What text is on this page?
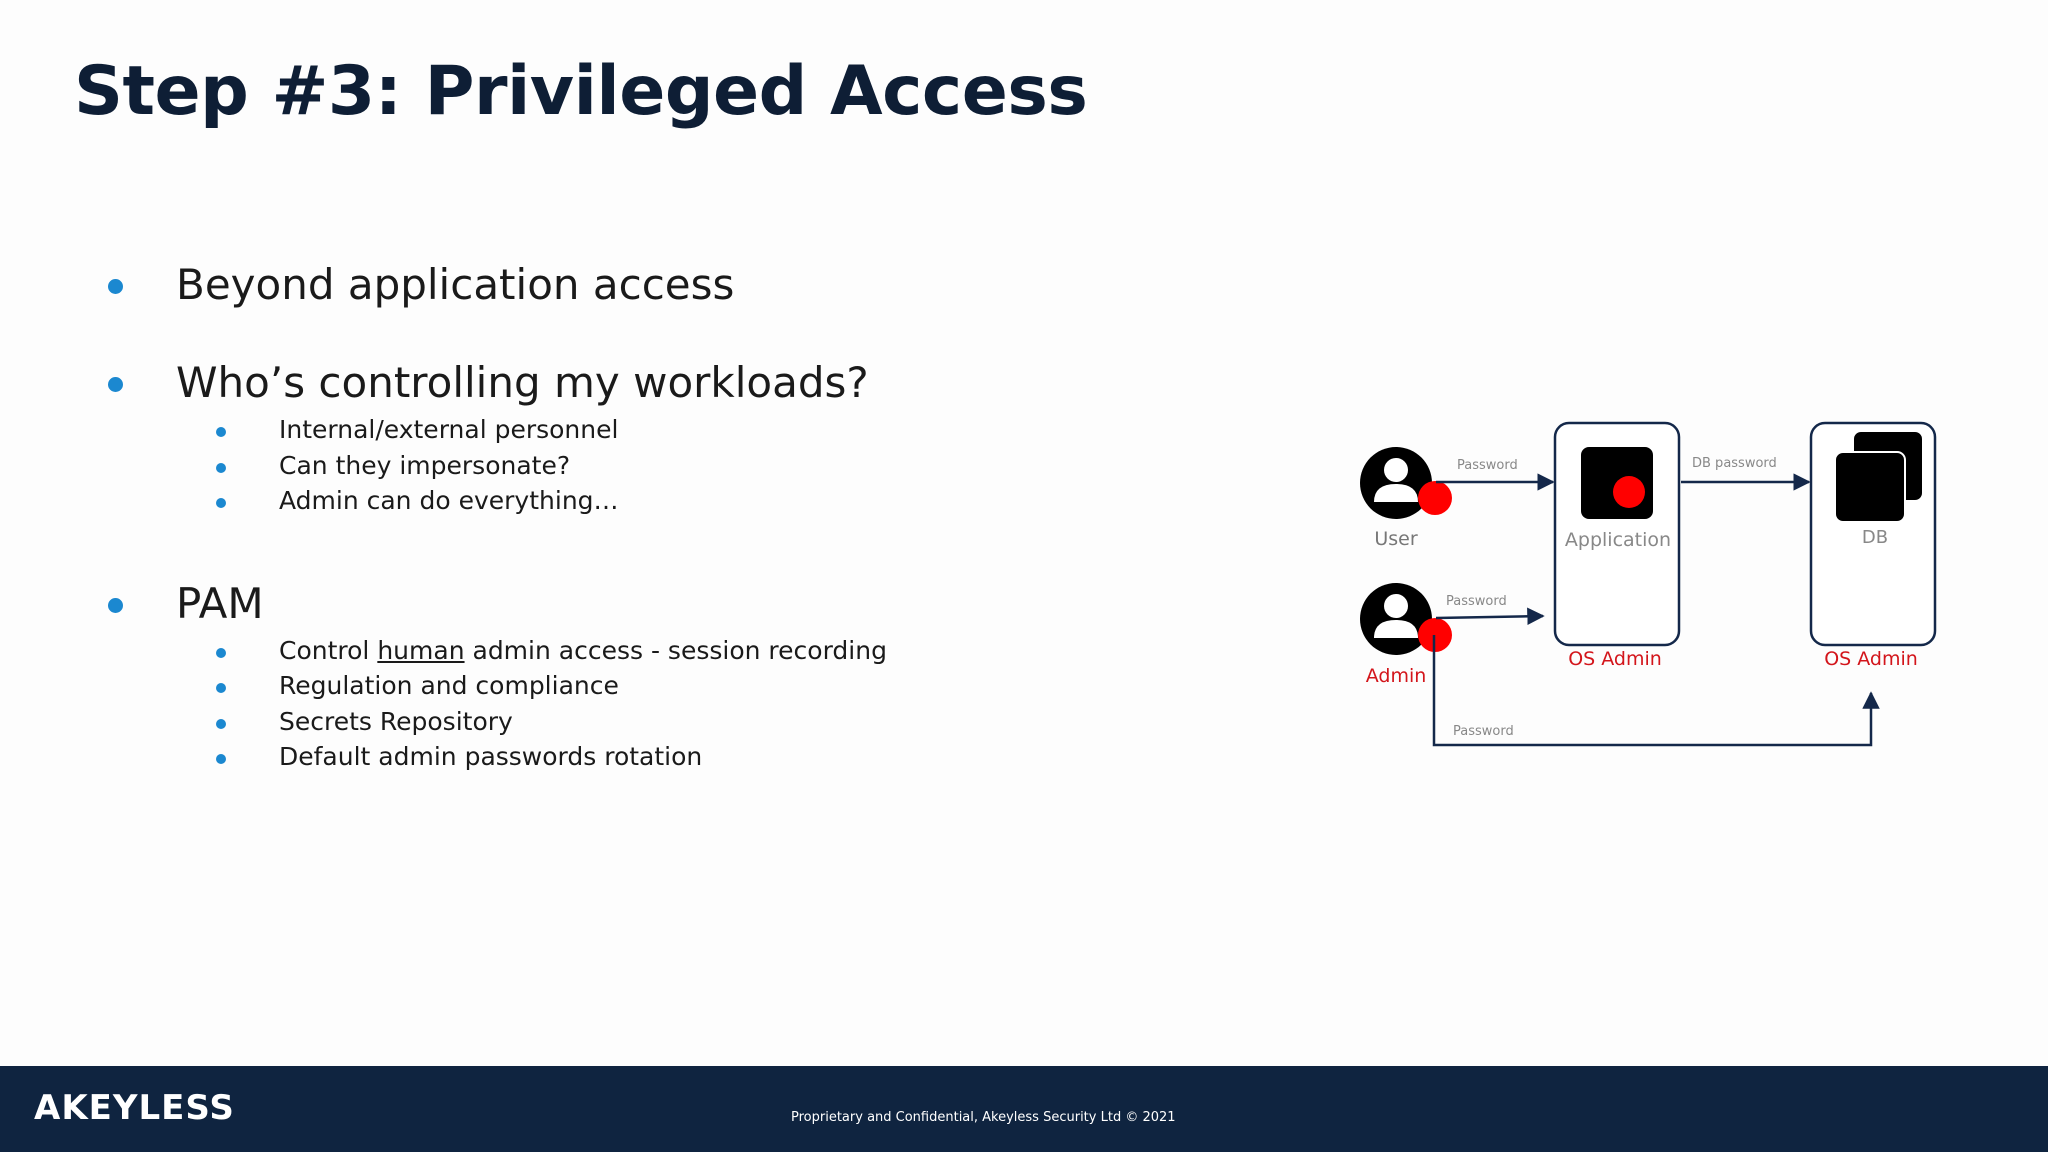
Step #3: Privileged Access
Beyond application access
Who’s controlling my workloads?
Internal/external personnel
Can they impersonate?
Admin can do everything…
PAM
Control human admin access - session recording
Regulation and compliance
Secrets Repository
Default admin passwords rotation
User
Admin
Application
OS Admin
DB
OS Admin
Password	DB password
Password
Password
AKEYLESS	Proprietary and Confidential, Akeyless Security Ltd © 2021
